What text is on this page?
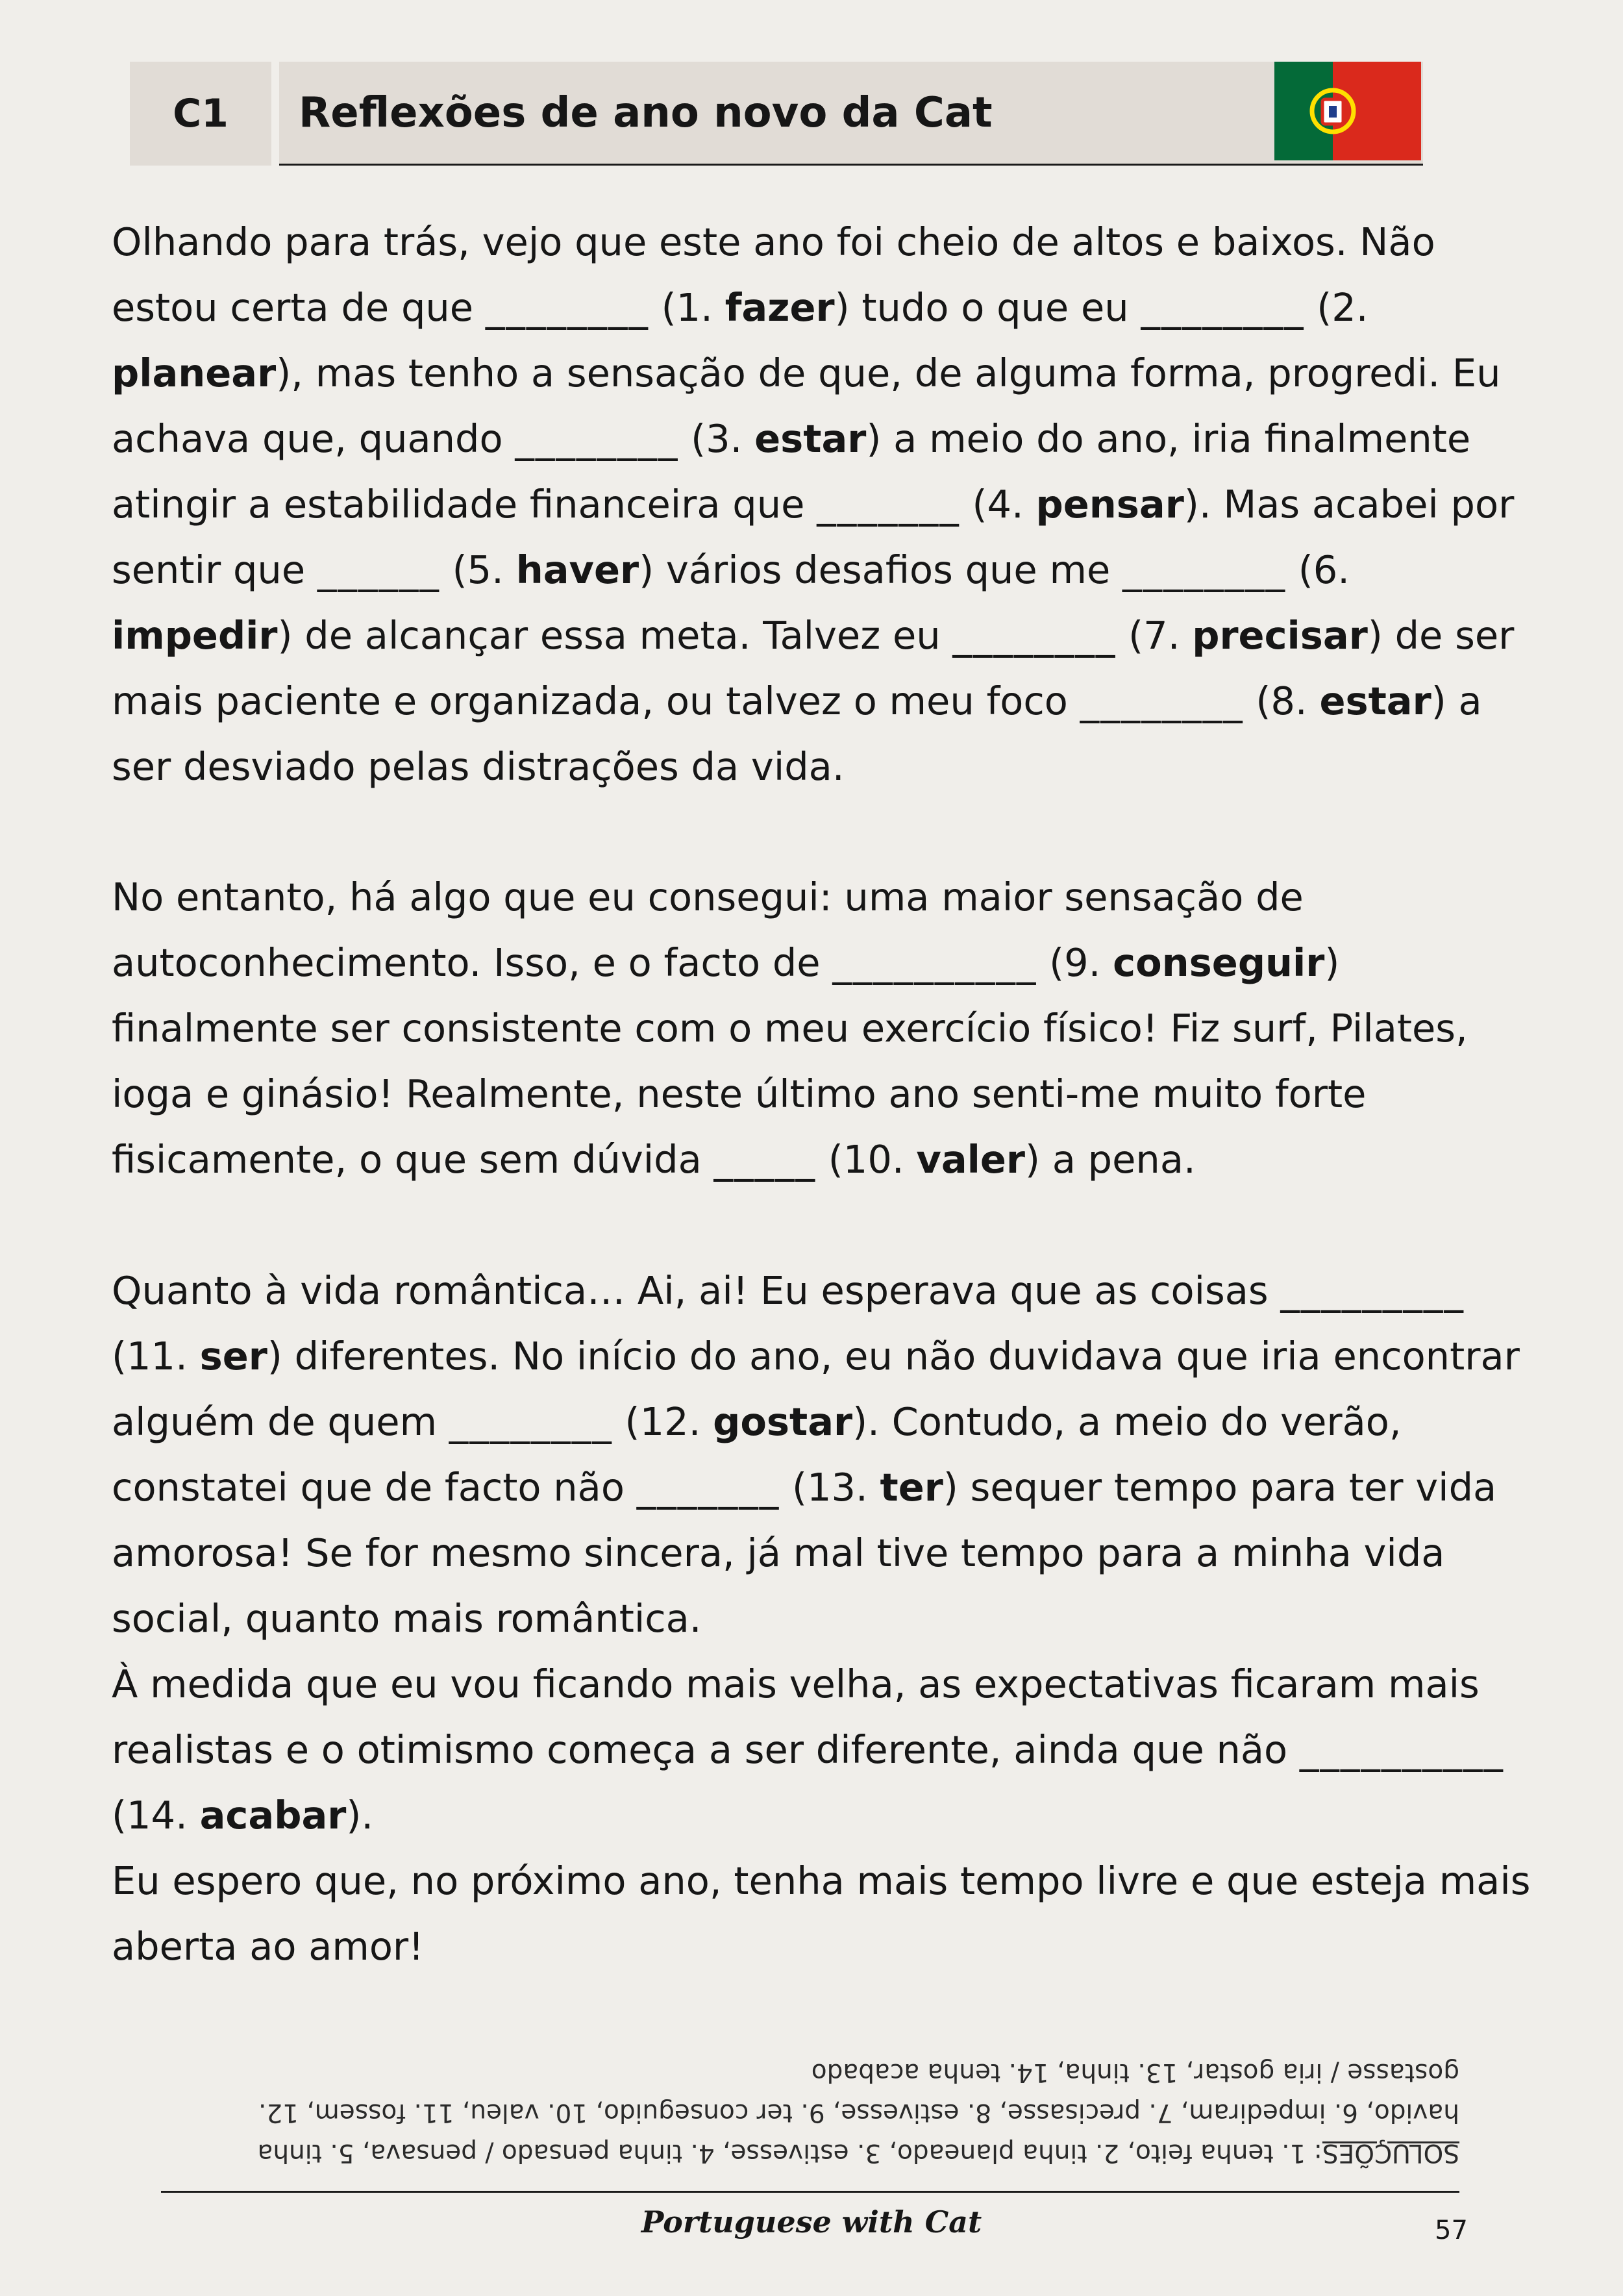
C1	Reflexões de ano novo da Cat
Olhando para trás, vejo que este ano foi cheio de altos e baixos. Não estou certa de que ________ (1. fazer) tudo o que eu ________ (2. planear), mas tenho a sensação de que, de alguma forma, progredi. Eu achava que, quando ________ (3. estar) a meio do ano, iria finalmente atingir a estabilidade financeira que _______ (4. pensar). Mas acabei por sentir que ______ (5. haver) vários desafios que me ________ (6. impedir) de alcançar essa meta. Talvez eu ________ (7. precisar) de ser mais paciente e organizada, ou talvez o meu foco ________ (8. estar) a ser desviado pelas distrações da vida.
No entanto, há algo que eu consegui: uma maior sensação de autoconhecimento. Isso, e o facto de __________ (9. conseguir) finalmente ser consistente com o meu exercício físico! Fiz surf, Pilates, ioga e ginásio! Realmente, neste último ano senti-me muito forte fisicamente, o que sem dúvida _____ (10. valer) a pena.
Quanto à vida romântica… Ai, ai! Eu esperava que as coisas _________ (11. ser) diferentes. No início do ano, eu não duvidava que iria encontrar alguém de quem ________ (12. gostar). Contudo, a meio do verão, constatei que de facto não _______ (13. ter) sequer tempo para ter vida amorosa! Se for mesmo sincera, já mal tive tempo para a minha vida social, quanto mais romântica.
À medida que eu vou ficando mais velha, as expectativas ficaram mais realistas e o otimismo começa a ser diferente, ainda que não __________ (14. acabar).
Eu espero que, no próximo ano, tenha mais tempo livre e que esteja mais aberta ao amor!
SOLUÇÕES: 1. tenha feito, 2. tinha planeado, 3. estivesse, 4. tinha pensado / pensava, 5. tinha havido, 6. impediram, 7. precisasse, 8. estivesse, 9. ter conseguido, 10. valeu, 11. fossem, 12. gostasse / iria gostar, 13. tinha, 14. tenha acabado
Portuguese with Cat	57
